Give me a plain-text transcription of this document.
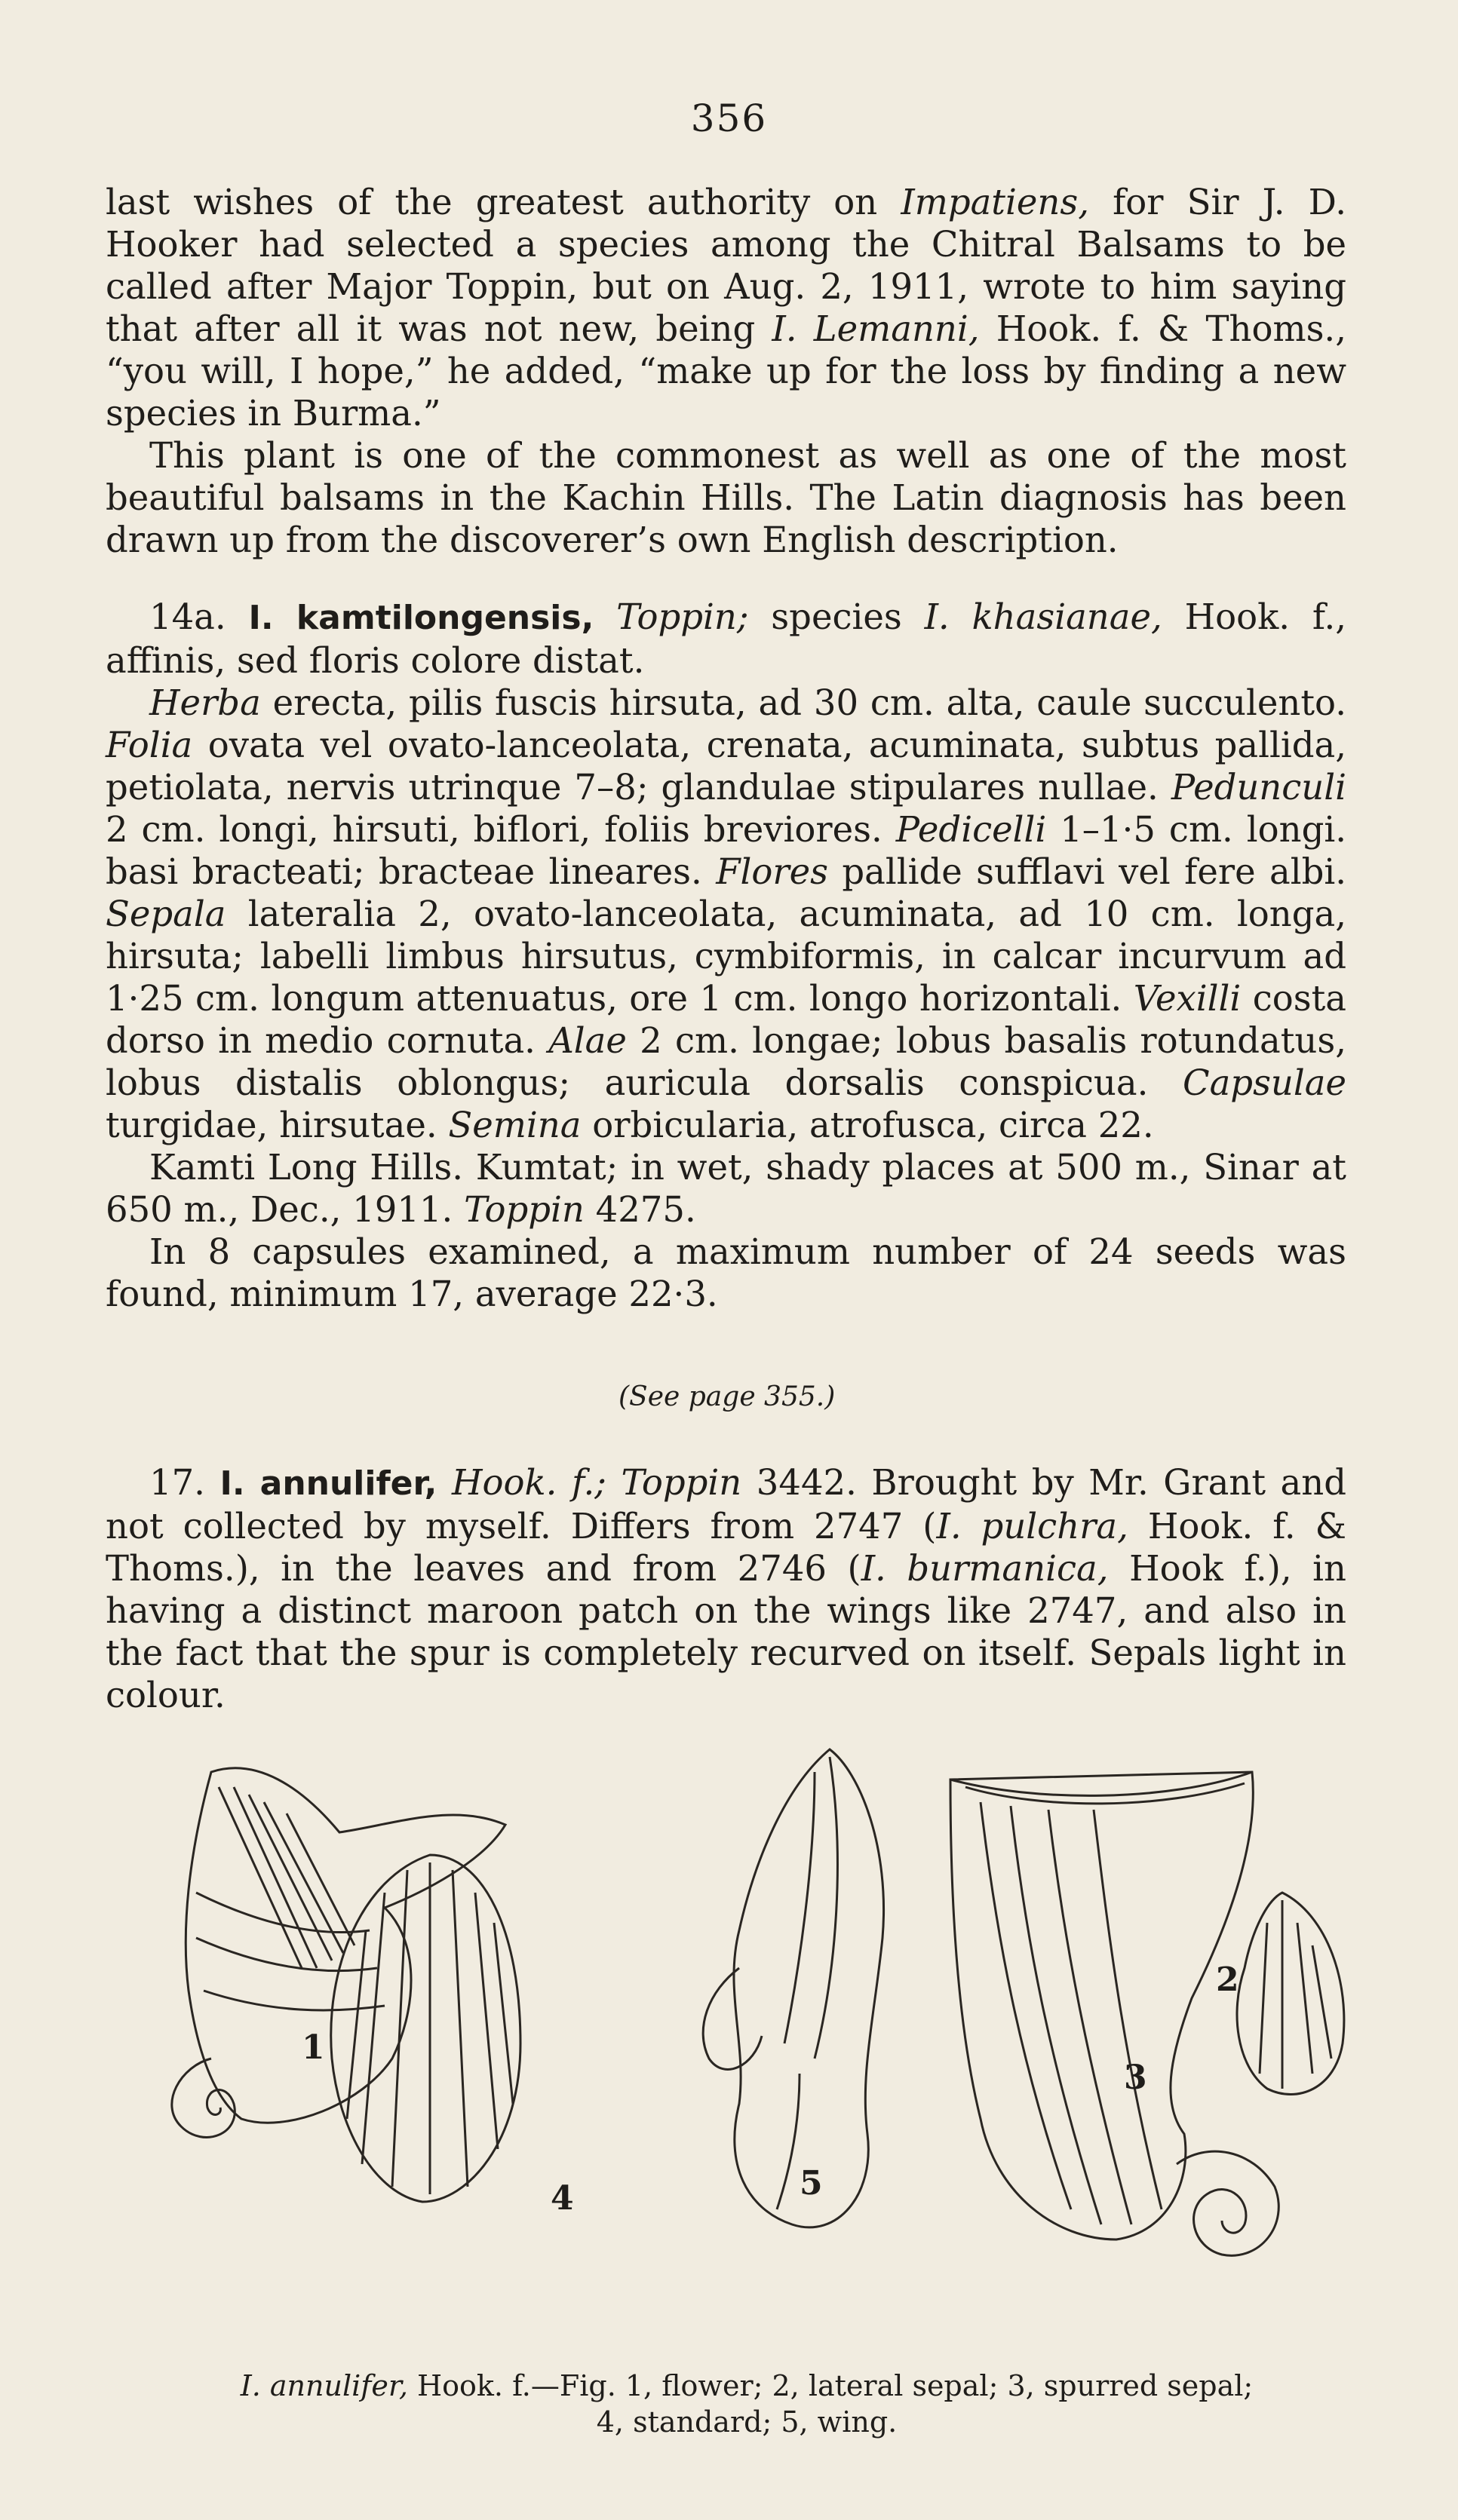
356

last wishes of the greatest authority on Impatiens, for Sir J. D. Hooker had selected a species among the Chitral Balsams to be called after Major Toppin, but on Aug. 2, 1911, wrote to him saying that after all it was not new, being I. Lemanni, Hook. f. & Thoms., “you will, I hope,” he added, “make up for the loss by finding a new species in Burma.”

This plant is one of the commonest as well as one of the most beautiful balsams in the Kachin Hills. The Latin diagnosis has been drawn up from the discoverer’s own English description.

14a. I. kamtilongensis, Toppin; species I. khasianae, Hook. f., affinis, sed floris colore distat.

Herba erecta, pilis fuscis hirsuta, ad 30 cm. alta, caule succulento. Folia ovata vel ovato-lanceolata, crenata, acuminata, subtus pallida, petiolata, nervis utrinque 7–8; glandulae stipulares nullae. Pedunculi 2 cm. longi, hirsuti, biflori, foliis breviores. Pedicelli 1–1·5 cm. longi. basi bracteati; bracteae lineares. Flores pallide sufflavi vel fere albi. Sepala lateralia 2, ovato-lanceolata, acuminata, ad 10 cm. longa, hirsuta; labelli limbus hirsutus, cymbiformis, in calcar incurvum ad 1·25 cm. longum attenuatus, ore 1 cm. longo horizontali. Vexilli costa dorso in medio cornuta. Alae 2 cm. longae; lobus basalis rotundatus, lobus distalis oblongus; auricula dorsalis conspicua. Capsulae turgidae, hirsutae. Semina orbicularia, atrofusca, circa 22.

Kamti Long Hills. Kumtat; in wet, shady places at 500 m., Sinar at 650 m., Dec., 1911. Toppin 4275.

In 8 capsules examined, a maximum number of 24 seeds was found, minimum 17, average 22·3.

(See page 355.)

17. I. annulifer, Hook. f.; Toppin 3442. Brought by Mr. Grant and not collected by myself. Differs from 2747 (I. pulchra, Hook. f. & Thoms.), in the leaves and from 2746 (I. burmanica, Hook f.), in having a distinct maroon patch on the wings like 2747, and also in the fact that the spur is completely recurved on itself. Sepals light in colour.

1
2
3
4	5
I. annulifer, Hook. f.—Fig. 1, flower; 2, lateral sepal; 3, spurred sepal; 4, standard; 5, wing.
